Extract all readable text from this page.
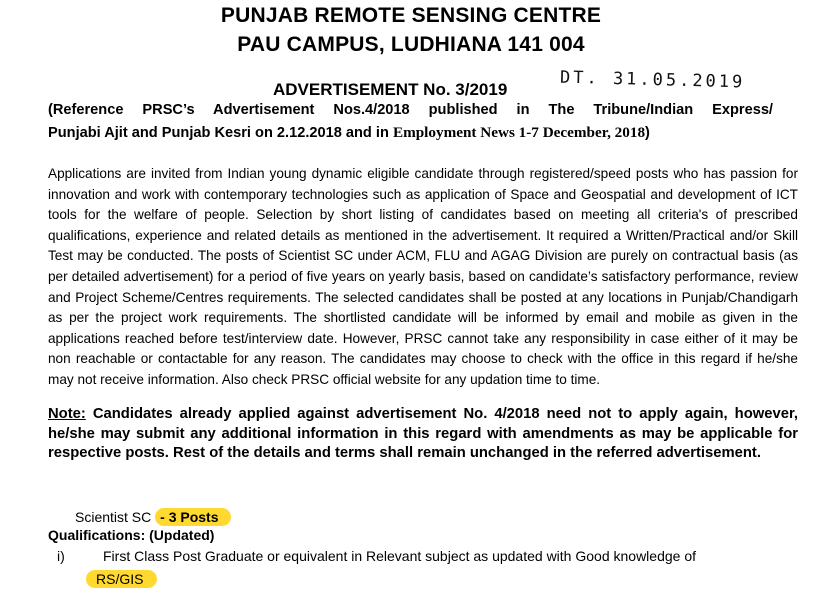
PUNJAB REMOTE SENSING CENTRE
PAU CAMPUS, LUDHIANA 141 004
ADVERTISEMENT No. 3/2019	DT. 31.05.2019
(Reference PRSC’s Advertisement Nos.4/2018 published in The Tribune/Indian Express/
Punjabi Ajit and Punjab Kesri on 2.12.2018 and in Employment News 1-7 December, 2018)
Applications are invited from Indian young dynamic eligible candidate through registered/speed posts who has passion for innovation and work with contemporary technologies such as application of Space and Geospatial and development of ICT tools for the welfare of people. Selection by short listing of candidates based on meeting all criteria's of prescribed qualifications, experience and related details as mentioned in the advertisement. It required a Written/Practical and/or Skill Test may be conducted. The posts of Scientist SC under ACM, FLU and AGAG Division are purely on contractual basis (as per detailed advertisement) for a period of five years on yearly basis, based on candidate’s satisfactory performance, review and Project Scheme/Centres requirements. The selected candidates shall be posted at any locations in Punjab/Chandigarh as per the project work requirements. The shortlisted candidate will be informed by email and mobile as given in the applications reached before test/interview date. However, PRSC cannot take any responsibility in case either of it may be non reachable or contactable for any reason. The candidates may choose to check with the office in this regard if he/she may not receive information. Also check PRSC official website for any updation time to time.
Note: Candidates already applied against advertisement No. 4/2018 need not to apply again, however, he/she may submit any additional information in this regard with amendments as may be applicable for respective posts. Rest of the details and terms shall remain unchanged in the referred advertisement.
Scientist SC - 3 Posts
Qualifications: (Updated)
i)	First Class Post Graduate or equivalent in Relevant subject as updated with Good knowledge of
RS/GIS
